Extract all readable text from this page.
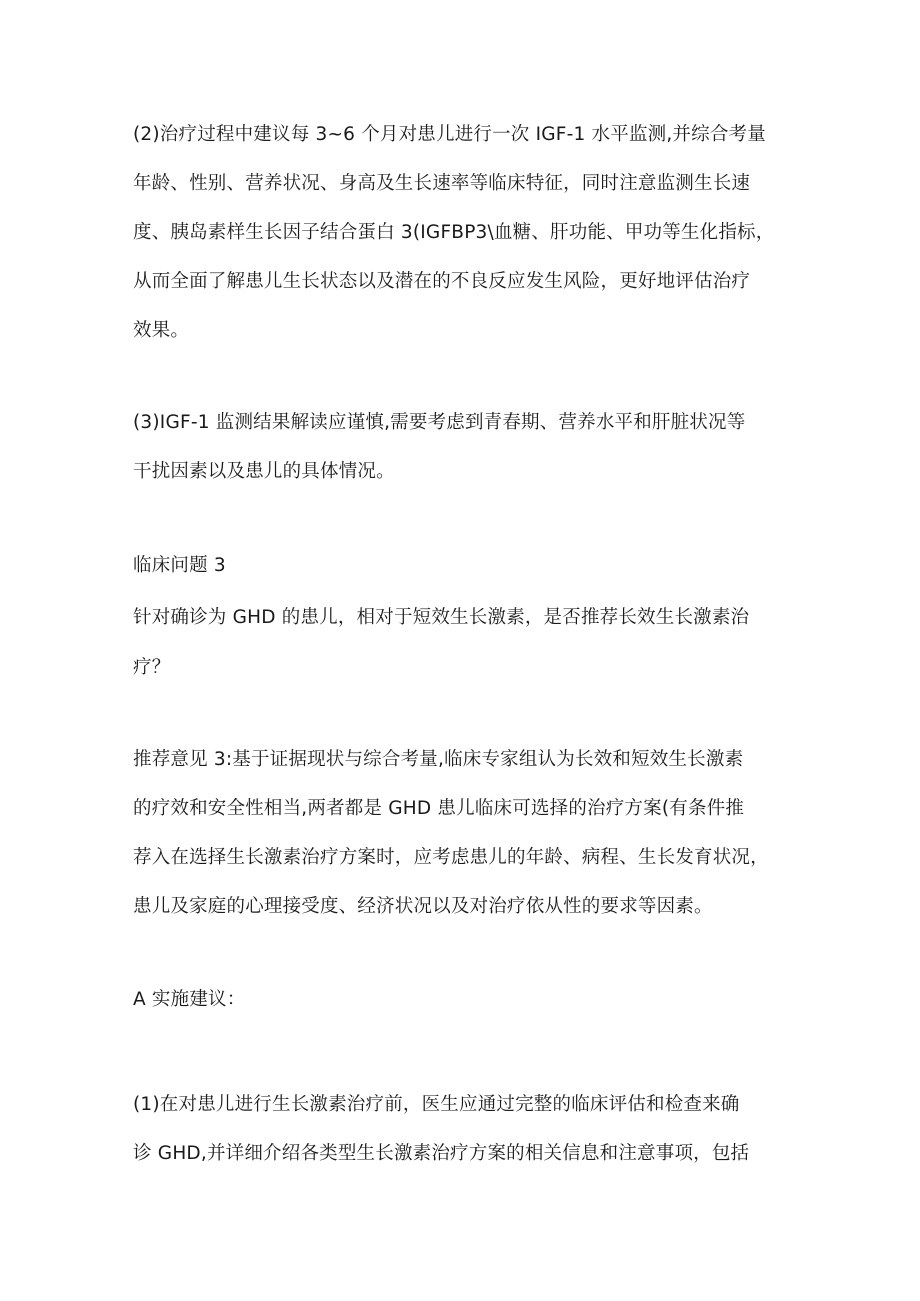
(2)治疗过程中建议每 3~6 个月对患儿进行一次 IGF-1 水平监测,并综合考量
年龄、性别、营养状况、身高及生长速率等临床特征，同时注意监测生长速
度、胰岛素样生长因子结合蛋白 3(IGFBP3\血糖、肝功能、甲功等生化指标，
从而全面了解患儿生长状态以及潜在的不良反应发生风险，更好地评估治疗
效果。
(3)IGF-1 监测结果解读应谨慎,需要考虑到青春期、营养水平和肝脏状况等
干扰因素以及患儿的具体情况。
临床问题 3
针对确诊为 GHD 的患儿，相对于短效生长激素，是否推荐长效生长激素治
疗？
推荐意见 3:基于证据现状与综合考量,临床专家组认为长效和短效生长激素
的疗效和安全性相当,两者都是 GHD 患儿临床可选择的治疗方案(有条件推
荐入在选择生长激素治疗方案时，应考虑患儿的年龄、病程、生长发育状况，
患儿及家庭的心理接受度、经济状况以及对治疗依从性的要求等因素。
A 实施建议：
(1)在对患儿进行生长激素治疗前，医生应通过完整的临床评估和检查来确
诊 GHD,并详细介绍各类型生长激素治疗方案的相关信息和注意事项，包括
